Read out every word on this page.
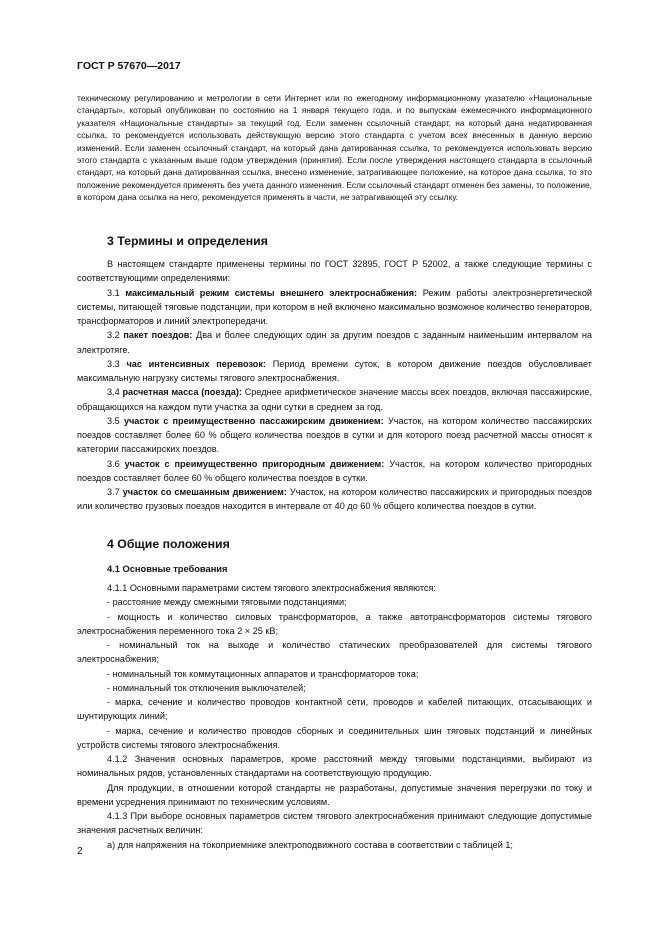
ГОСТ Р 57670—2017
техническому регулированию и метрологии в сети Интернет или по ежегодному информационному указателю «Национальные стандарты», который опубликован по состоянию на 1 января текущего года, и по выпускам ежемесячного информационного указателя «Национальные стандарты» за текущий год. Если заменен ссылочный стандарт, на который дана недатированная ссылка, то рекомендуется использовать действующую версию этого стандарта с учетом всех внесенных в данную версию изменений. Если заменен ссылочный стандарт, на который дана датированная ссылка, то рекомендуется использовать версию этого стандарта с указанным выше годом утверждения (принятия). Если после утверждения настоящего стандарта в ссылочный стандарт, на который дана датированная ссылка, внесено изменение, затрагивающее положение, на которое дана ссылка, то это положение рекомендуется применять без учета данного изменения. Если ссылочный стандарт отменен без замены, то положение, в котором дана ссылка на него, рекомендуется применять в части, не затрагивающей эту ссылку.
3 Термины и определения

В настоящем стандарте применены термины по ГОСТ 32895, ГОСТ Р 52002, а также следующие термины с соответствующими определениями:

3.1 максимальный режим системы внешнего электроснабжения: Режим работы электроэнергетической системы, питающей тяговые подстанции, при котором в ней включено максимально возможное количество генераторов, трансформаторов и линий электропередачи.

3.2 пакет поездов: Два и более следующих один за другим поездов с заданным наименьшим интервалом на электротяге.

3.3 час интенсивных перевозок: Период времени суток, в котором движение поездов обусловливает максимальную нагрузку системы тягового электроснабжения.

3.4 расчетная масса (поезда): Среднее арифметическое значение массы всех поездов, включая пассажирские, обращающихся на каждом пути участка за одни сутки в среднем за год.

3.5 участок с преимущественно пассажирским движением: Участок, на котором количество пассажирских поездов составляет более 60 % общего количества поездов в сутки и для которого поезд расчетной массы относят к категории пассажирских поездов.

3.6 участок с преимущественно пригородным движением: Участок, на котором количество пригородных поездов составляет более 60 % общего количества поездов в сутки.

3.7 участок со смешанным движением: Участок, на котором количество пассажирских и пригородных поездов или количество грузовых поездов находится в интервале от 40 до 60 % общего количества поездов в сутки.

4 Общие положения
4.1 Основные требования

4.1.1 Основными параметрами систем тягового электроснабжения являются:

- расстояние между смежными тяговыми подстанциями;

- мощность и количество силовых трансформаторов, а также автотрансформаторов системы тягового электроснабжения переменного тока 2 × 25 кВ;

- номинальный ток на выходе и количество статических преобразователей для системы тягового электроснабжения;

- номинальный ток коммутационных аппаратов и трансформаторов тока;

- номинальный ток отключения выключателей;

- марка, сечение и количество проводов контактной сети, проводов и кабелей питающих, отсасывающих и шунтирующих линий;

- марка, сечение и количество проводов сборных и соединительных шин тяговых подстанций и линейных устройств системы тягового электроснабжения.

4.1.2 Значения основных параметров, кроме расстояний между тяговыми подстанциями, выбирают из номинальных рядов, установленных стандартами на соответствующую продукцию.

Для продукции, в отношении которой стандарты не разработаны, допустимые значения перегрузки по току и времени усреднения принимают по техническим условиям.

4.1.3 При выборе основных параметров систем тягового электроснабжения принимают следующие допустимые значения расчетных величин:

а) для напряжения на токоприемнике электроподвижного состава в соответствии с таблицей 1;

2
